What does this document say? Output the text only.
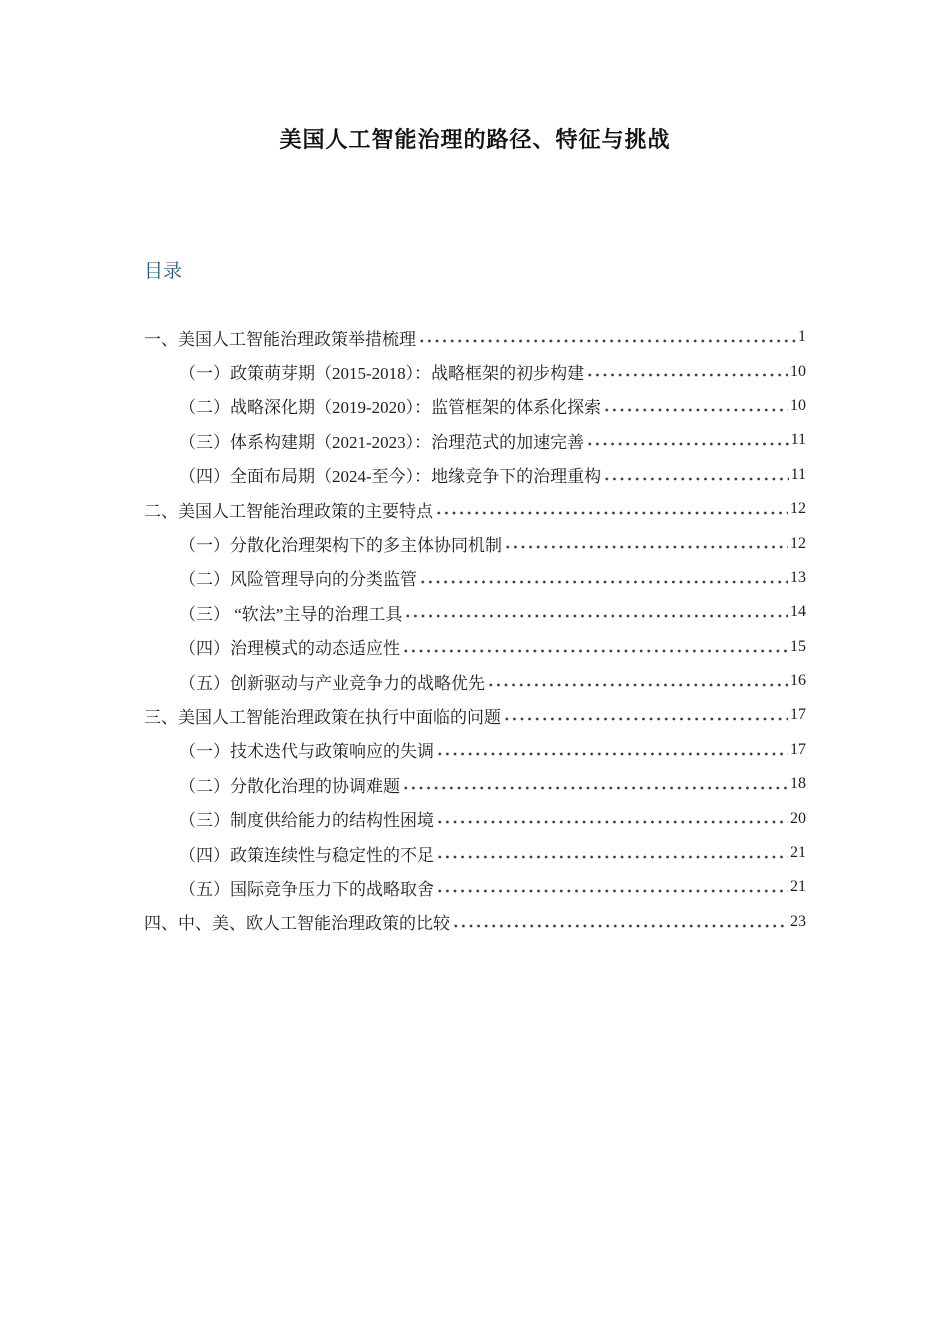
美国人工智能治理的路径、特征与挑战
目录
一、美国人工智能治理政策举措梳理	1
（一）政策萌芽期（2015-2018）：战略框架的初步构建	10
（二）战略深化期（2019-2020）：监管框架的体系化探索	10
（三）体系构建期（2021-2023）：治理范式的加速完善	11
（四）全面布局期（2024-至今）：地缘竞争下的治理重构	11
二、美国人工智能治理政策的主要特点	12
（一）分散化治理架构下的多主体协同机制	12
（二）风险管理导向的分类监管	13
（三） “软法”主导的治理工具	14
（四）治理模式的动态适应性	15
（五）创新驱动与产业竞争力的战略优先	16
三、美国人工智能治理政策在执行中面临的问题	17
（一）技术迭代与政策响应的失调	17
（二）分散化治理的协调难题	18
（三）制度供给能力的结构性困境	20
（四）政策连续性与稳定性的不足	21
（五）国际竞争压力下的战略取舍	21
四、中、美、欧人工智能治理政策的比较	23
